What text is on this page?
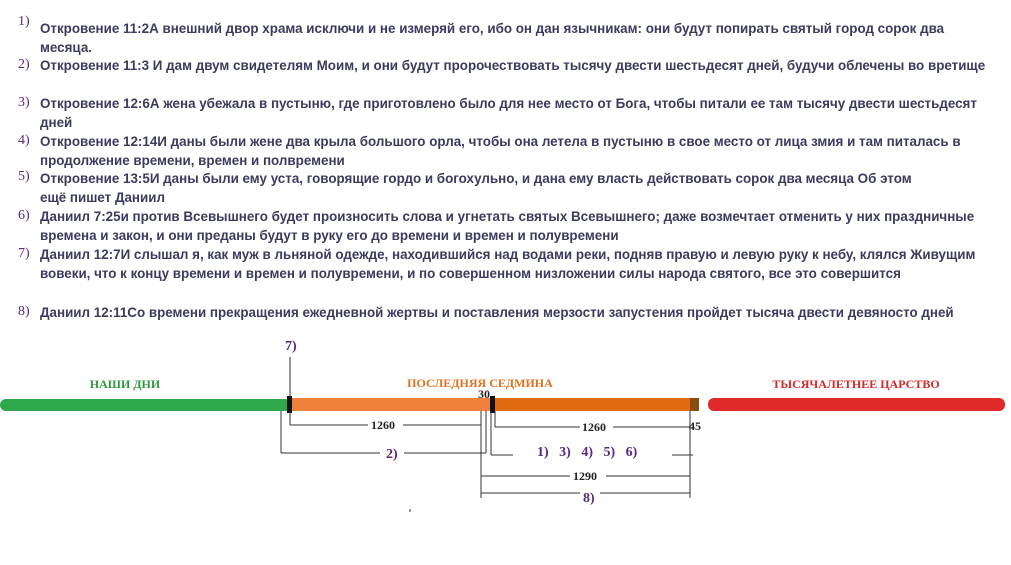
1) Откровение 11:2А внешний двор храма исключи и не измеряй его, ибо он дан язычникам: они будут попирать святый город сорок два месяца.
2) Откровение 11:3 И дам двум свидетелям Моим, и они будут пророчествовать тысячу двести шестьдесят дней, будучи облечены во вретище
3) Откровение 12:6А жена убежала в пустыню, где приготовлено было для нее место от Бога, чтобы питали ее там тысячу двести шестьдесят дней
4) Откровение 12:14И даны были жене два крыла большого орла, чтобы она летела в пустыню в свое место от лица змия и там питалась в продолжение времени, времен и полвремени
5) Откровение 13:5И даны были ему уста, говорящие гордо и богохульно, и дана ему власть действовать сорок два месяца Об этом ещё пишет Даниил
6) Даниил 7:25и против Всевышнего будет произносить слова и угнетать святых Всевышнего; даже возмечтает отменить у них праздничные времена и закон, и они преданы будут в руку его до времени и времен и полувремени
7) Даниил 12:7И слышал я, как муж в льняной одежде, находившийся над водами реки, подняв правую и левую руку к небу, клялся Живущим вовеки, что к концу времени и времен и полувремени, и по совершенном низложении силы народа святого, все это совершится
8) Даниил 12:11Со времени прекращения ежедневной жертвы и поставления мерзости запустения пройдет тысяча двести девяносто дней
НАШИ ДНИ	ПОСЛЕДНЯЯ СЕДМИНА	ТЫСЯЧАЛЕТНЕЕ ЦАРСТВО
7)
30
1260	1260	45
2)	1)   3)   4)   5)   6)
1290
8)
